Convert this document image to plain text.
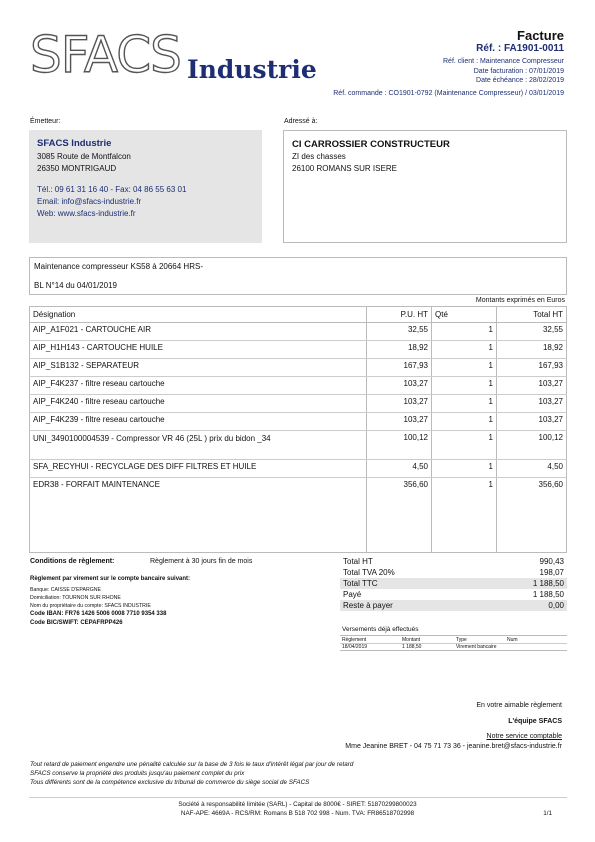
SFACS Industrie
Facture
Réf. : FA1901-0011
Réf. client : Maintenance Compresseur
Date facturation : 07/01/2019
Date échéance : 28/02/2019
Réf. commande : CO1901-0792 (Maintenance Compresseur) / 03/01/2019
Émetteur:
SFACS Industrie
3085 Route de Montfalcon
26350 MONTRIGAUD
Tél.: 09 61 31 16 40 - Fax: 04 86 55 63 01
Email: info@sfacs-industrie.fr
Web: www.sfacs-industrie.fr
Adressé à:
CI CARROSSIER CONSTRUCTEUR
ZI des chasses
26100 ROMANS SUR ISERE
Maintenance compresseur KS58 à 20664 HRS-
BL N°14 du 04/01/2019
Montants exprimés en Euros
Désignation	P.U. HT	Qté	Total HT
AIP_A1F021 - CARTOUCHE AIR	32,55	1	32,55
AIP_H1H143 - CARTOUCHE HUILE	18,92	1	18,92
AIP_S1B132 - SEPARATEUR	167,93	1	167,93
AIP_F4K237 - filtre reseau cartouche	103,27	1	103,27
AIP_F4K240 - filtre reseau cartouche	103,27	1	103,27
AIP_F4K239 - filtre reseau cartouche	103,27	1	103,27
UNI_3490100004539 - Compressor VR 46 (25L ) prix du bidon _34	100,12	1	100,12
SFA_RECYHUI - RECYCLAGE DES DIFF FILTRES ET HUILE	4,50	1	4,50
EDR38 - FORFAIT MAINTENANCE	356,60	1	356,60
Conditions de règlement:	Règlement à 30 jours fin de mois
Règlement par virement sur le compte bancaire suivant:
Banque: CAISSE D'EPARGNE
Domiciliation: TOURNON SUR RHONE
Nom du propriétaire du compte: SFACS INDUSTRIE
Code IBAN: FR76 1426 5006 0008 7710 9354 338
Code BIC/SWIFT: CEPAFRPP426
Total HT	990,43
Total TVA 20%	198,07
Total TTC	1 188,50
Payé	1 188,50
Reste à payer	0,00
Versements déjà effectués
Règlement	Montant	Type	Num
18/04/2019	1 188,50	Virement bancaire
En votre aimable règlement
L'équipe SFACS
Notre service comptable
Mme Jeanine BRET - 04 75 71 73 36 - jeanine.bret@sfacs-industrie.fr
Tout retard de paiement engendre une pénalité calculée sur la base de 3 fois le taux d'intérêt légal par jour de retard
SFACS conserve la propriété des produits jusqu'au paiement complet du prix
Tous différents sont de la compétence exclusive du tribunal de commerce du siège social de SFACS
Société à responsabilité limitée (SARL) - Capital de 8000€ - SIRET: 51870299800023
NAF-APE: 4669A - RCS/RM: Romans B 518 702 998 - Num. TVA: FR86518702998	1/1
